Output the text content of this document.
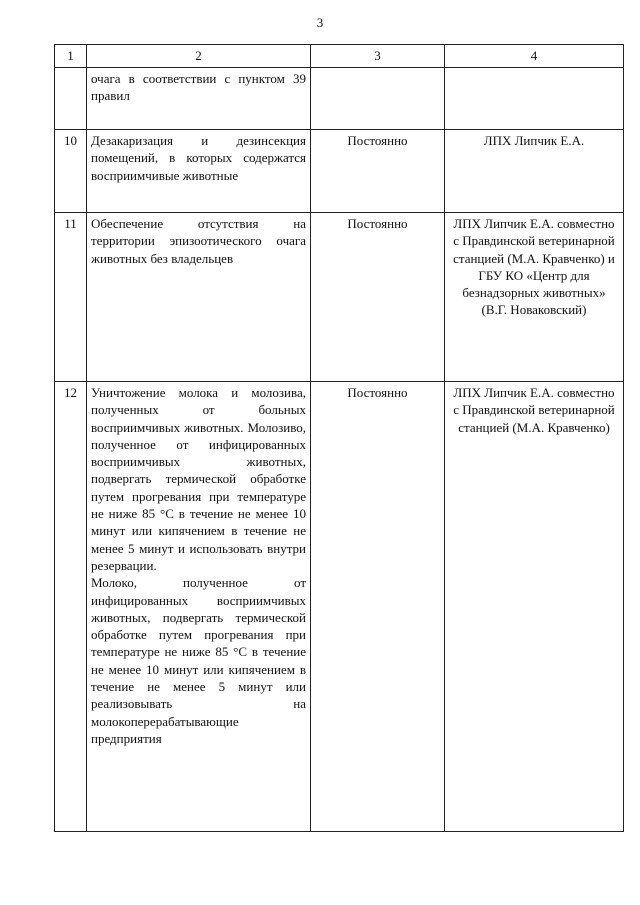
3
1	2	3	4

	очага в соответствии с пунктом 39 правил		

10	Дезакаризация и дезинсекция помещений, в которых содержатся восприимчивые животные	Постоянно	ЛПХ Липчик Е.А.
11	Обеспечение отсутствия на территории эпизоотического очага животных без владельцев	Постоянно	ЛПХ Липчик Е.А. совместно с Правдинской ветеринарной станцией (М.А. Кравченко) и ГБУ КО «Центр для безнадзорных животных» (В.Г. Новаковский)
12	Уничтожение молока и молозива, полученных от больных восприимчивых животных. Молозиво, полученное от инфицированных восприимчивых животных, подвергать термической обработке путем прогревания при температуре не ниже 85 °С в течение не менее 10 минут или кипячением в течение не менее 5 минут и использовать внутри резервации.
Молоко, полученное от инфицированных восприимчивых животных, подвергать термической обработке путем прогревания при температуре не ниже 85 °С в течение не менее 10 минут или кипячением в течение не менее 5 минут или реализовывать на молокоперерабатывающие предприятия	Постоянно	ЛПХ Липчик Е.А. совместно с Правдинской ветеринарной станцией (М.А. Кравченко)
